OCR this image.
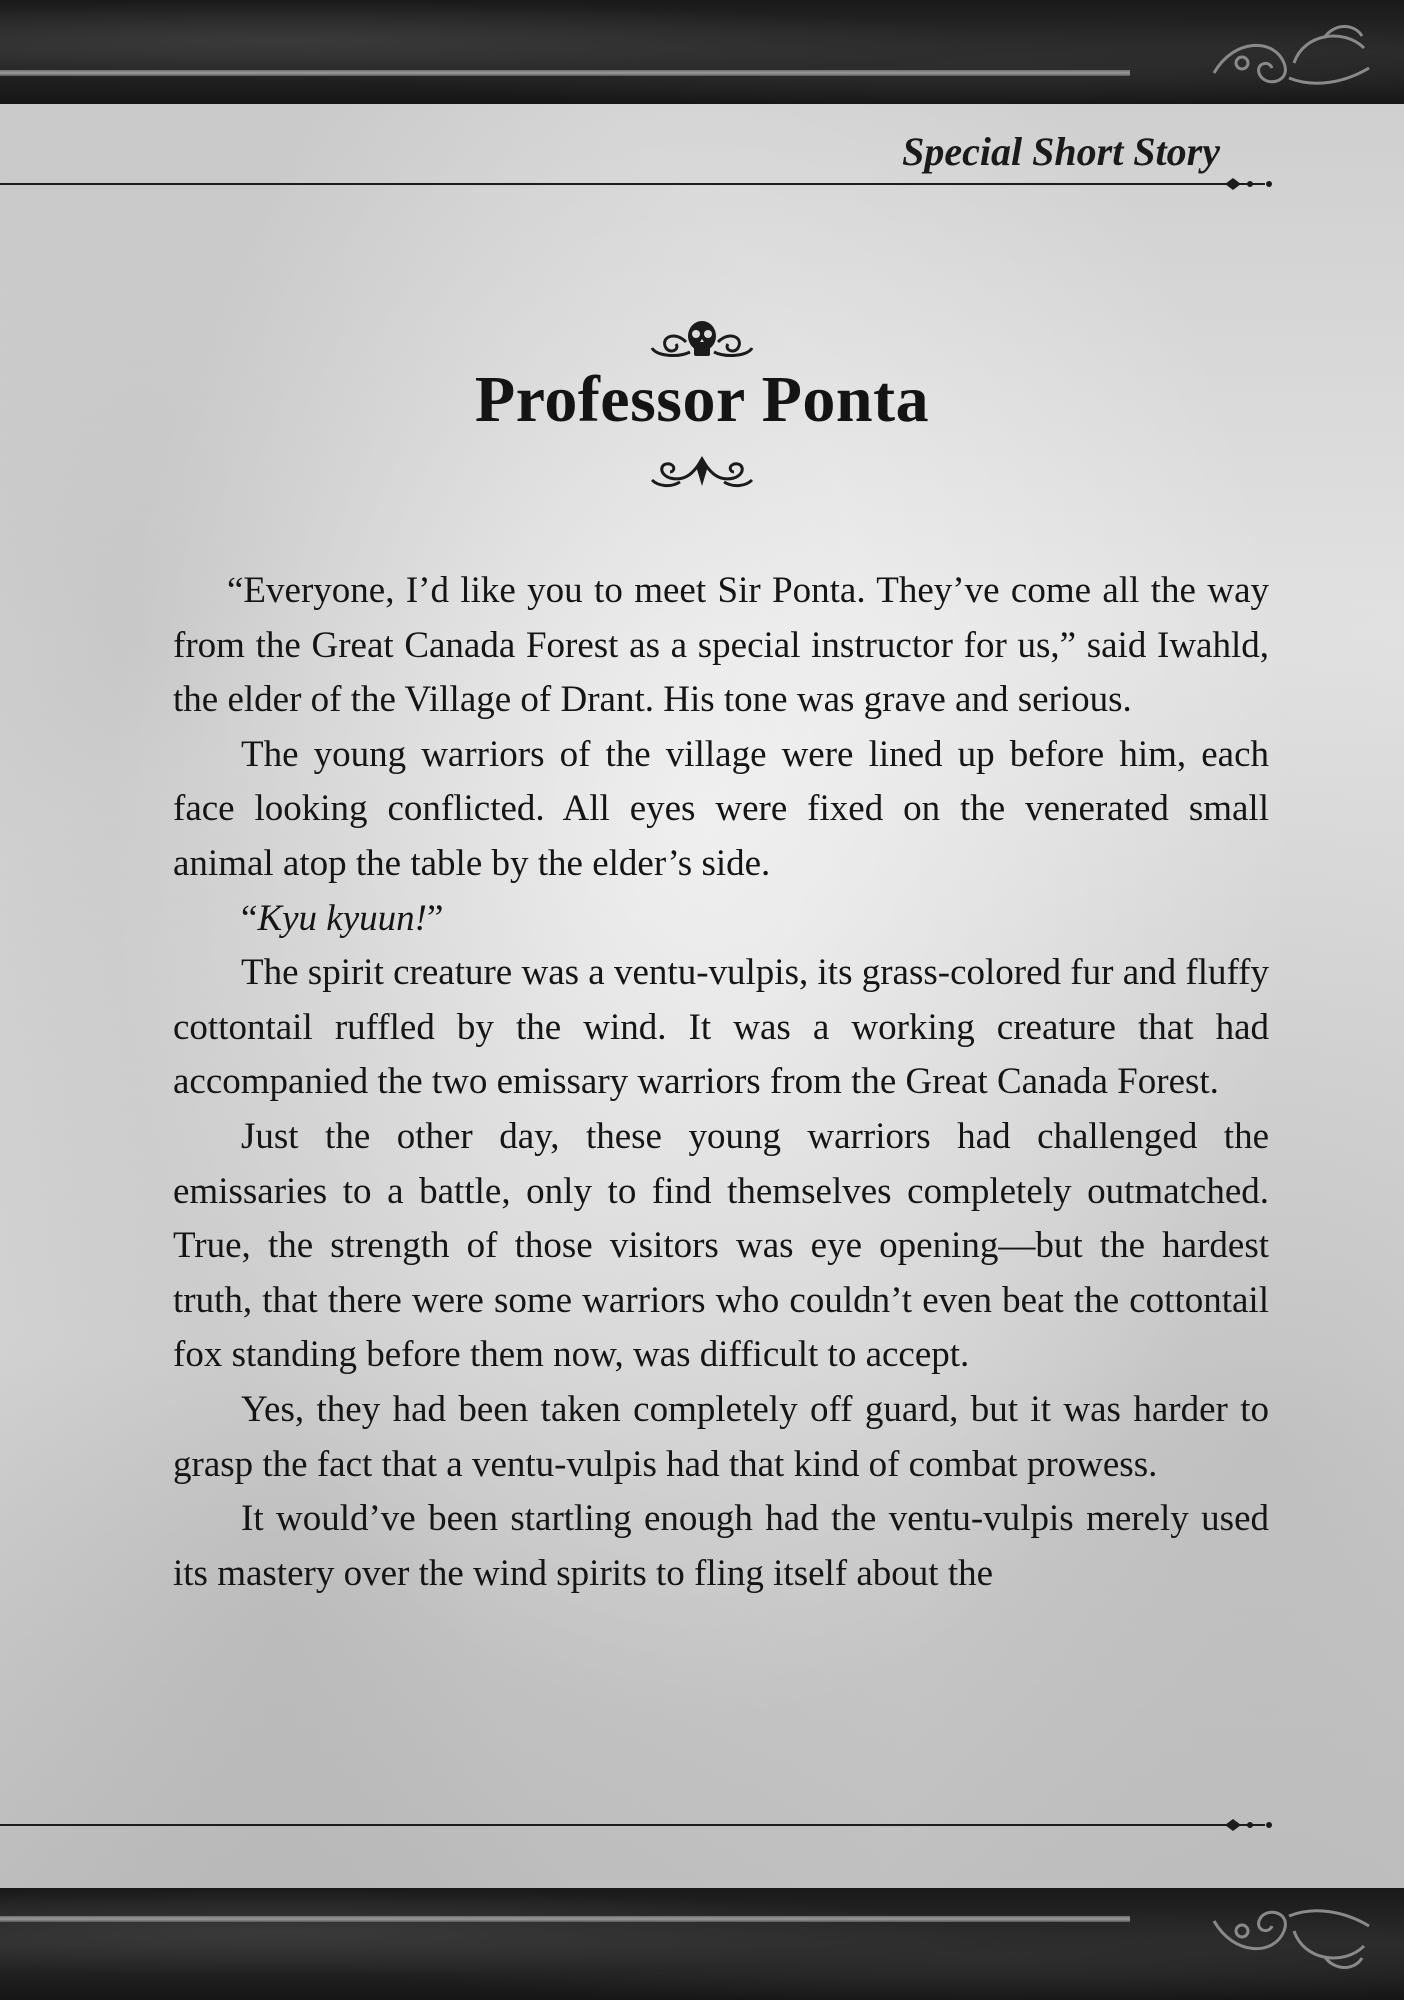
Special Short Story
Professor Ponta

“Everyone, I’d like you to meet Sir Ponta. They’ve come all the way from the Great Canada Forest as a special instructor for us,” said Iwahld, the elder of the Village of Drant. His tone was grave and serious.

The young warriors of the village were lined up before him, each face looking conflicted. All eyes were fixed on the venerated small animal atop the table by the elder’s side.

“Kyu kyuun!”

The spirit creature was a ventu-vulpis, its grass-colored fur and fluffy cottontail ruffled by the wind. It was a working creature that had accompanied the two emissary warriors from the Great Canada Forest.

Just the other day, these young warriors had challenged the emissaries to a battle, only to find themselves completely outmatched. True, the strength of those visitors was eye opening—but the hardest truth, that there were some warriors who couldn’t even beat the cottontail fox standing before them now, was difficult to accept.

Yes, they had been taken completely off guard, but it was harder to grasp the fact that a ventu-vulpis had that kind of combat prowess.

It would’ve been startling enough had the ventu-vulpis merely used its mastery over the wind spirits to fling itself about the
